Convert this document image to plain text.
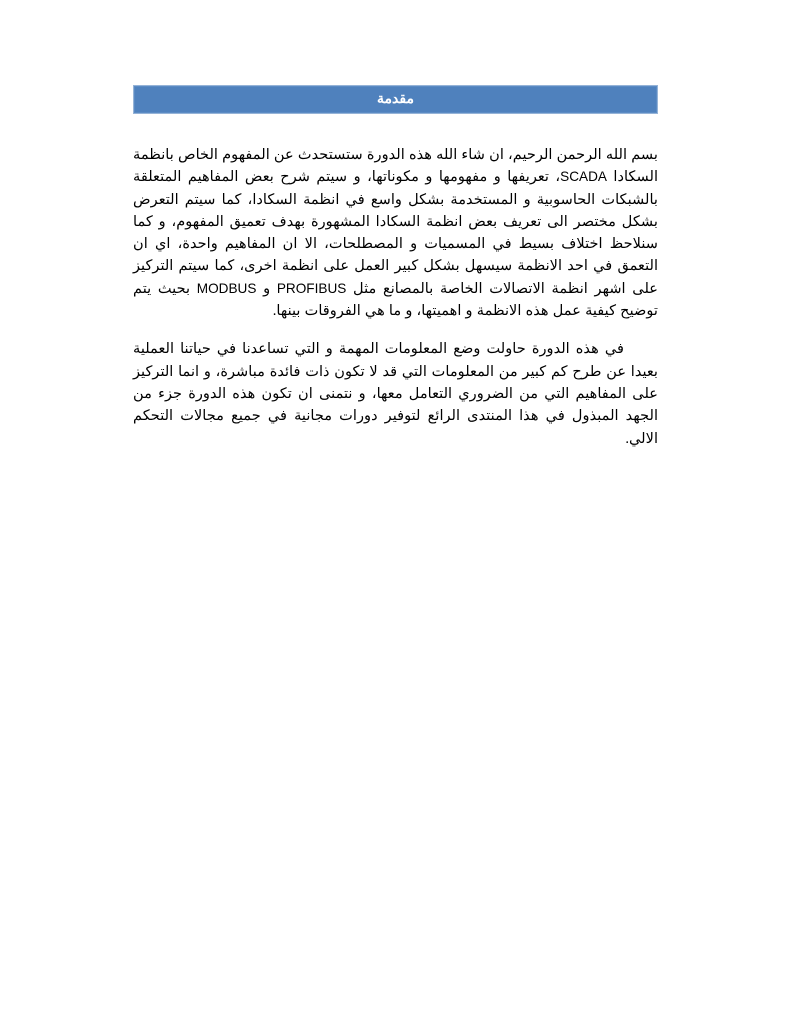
مقدمة

بسم الله الرحمن الرحيم، ان شاء الله هذه الدورة ستستحدث عن المفهوم الخاص بانظمة السكادا SCADA، تعريفها و مفهومها و مكوناتها، و سيتم شرح بعض المفاهيم المتعلقة بالشبكات الحاسوبية و المستخدمة بشكل واسع في انظمة السكادا، كما سيتم التعرض بشكل مختصر الى تعريف بعض انظمة السكادا المشهورة بهدف تعميق المفهوم، و كما سنلاحظ اختلاف بسيط في المسميات و المصطلحات، الا ان المفاهيم واحدة، اي ان التعمق في احد الانظمة سيسهل بشكل كبير العمل على انظمة اخرى، كما سيتم التركيز على اشهر انظمة الاتصالات الخاصة بالمصانع مثل PROFIBUS و MODBUS بحيث يتم توضيح كيفية عمل هذه الانظمة و اهميتها، و ما هي الفروقات بينها.

في هذه الدورة حاولت وضع المعلومات المهمة و التي تساعدنا في حياتنا العملية بعيدا عن طرح كم كبير من المعلومات التي قد لا تكون ذات فائدة مباشرة، و انما التركيز على المفاهيم التي من الضروري التعامل معها، و نتمنى ان تكون هذه الدورة جزء من الجهد المبذول في هذا المنتدى الرائع لتوفير دورات مجانية في جميع مجالات التحكم الالي.
